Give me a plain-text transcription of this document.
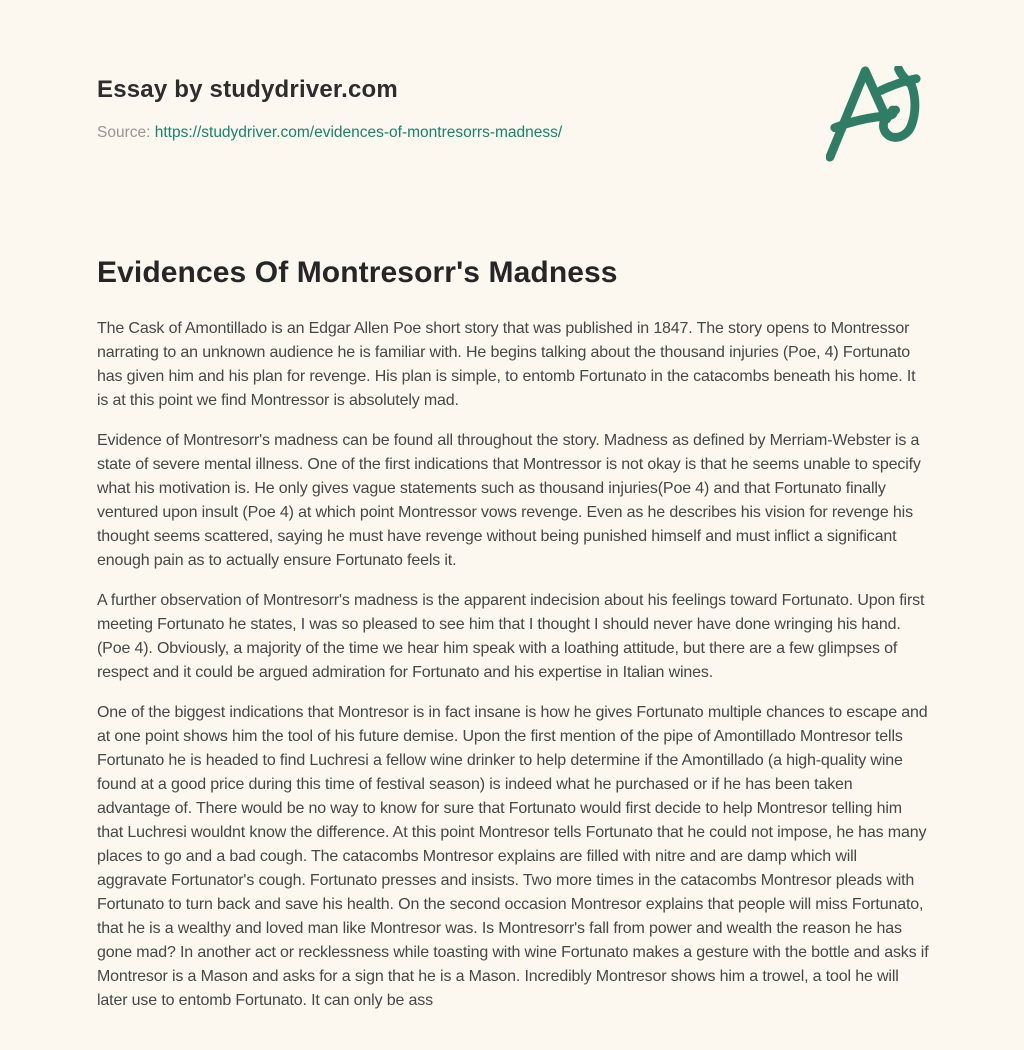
Essay by studydriver.com

Source: https://studydriver.com/evidences-of-montresorrs-madness/

Evidences Of Montresorr's Madness

The Cask of Amontillado is an Edgar Allen Poe short story that was published in 1847. The story opens to Montressor narrating to an unknown audience he is familiar with. He begins talking about the thousand injuries (Poe, 4) Fortunato has given him and his plan for revenge. His plan is simple, to entomb Fortunato in the catacombs beneath his home. It is at this point we find Montressor is absolutely mad.

Evidence of Montresorr's madness can be found all throughout the story. Madness as defined by Merriam-Webster is a state of severe mental illness. One of the first indications that Montressor is not okay is that he seems unable to specify what his motivation is. He only gives vague statements such as thousand injuries(Poe 4) and that Fortunato finally ventured upon insult (Poe 4) at which point Montressor vows revenge. Even as he describes his vision for revenge his thought seems scattered, saying he must have revenge without being punished himself and must inflict a significant enough pain as to actually ensure Fortunato feels it.

A further observation of Montresorr's madness is the apparent indecision about his feelings toward Fortunato. Upon first meeting Fortunato he states, I was so pleased to see him that I thought I should never have done wringing his hand.(Poe 4). Obviously, a majority of the time we hear him speak with a loathing attitude, but there are a few glimpses of respect and it could be argued admiration for Fortunato and his expertise in Italian wines.

One of the biggest indications that Montresor is in fact insane is how he gives Fortunato multiple chances to escape and at one point shows him the tool of his future demise. Upon the first mention of the pipe of Amontillado Montresor tells Fortunato he is headed to find Luchresi a fellow wine drinker to help determine if the Amontillado (a high-quality wine found at a good price during this time of festival season) is indeed what he purchased or if he has been taken advantage of. There would be no way to know for sure that Fortunato would first decide to help Montresor telling him that Luchresi wouldnt know the difference. At this point Montresor tells Fortunato that he could not impose, he has many places to go and a bad cough. The catacombs Montresor explains are filled with nitre and are damp which will aggravate Fortunator's cough. Fortunato presses and insists. Two more times in the catacombs Montresor pleads with Fortunato to turn back and save his health. On the second occasion Montresor explains that people will miss Fortunato, that he is a wealthy and loved man like Montresor was. Is Montresorr's fall from power and wealth the reason he has gone mad? In another act or recklessness while toasting with wine Fortunato makes a gesture with the bottle and asks if Montresor is a Mason and asks for a sign that he is a Mason. Incredibly Montresor shows him a trowel, a tool he will later use to entomb Fortunato. It can only be ass
